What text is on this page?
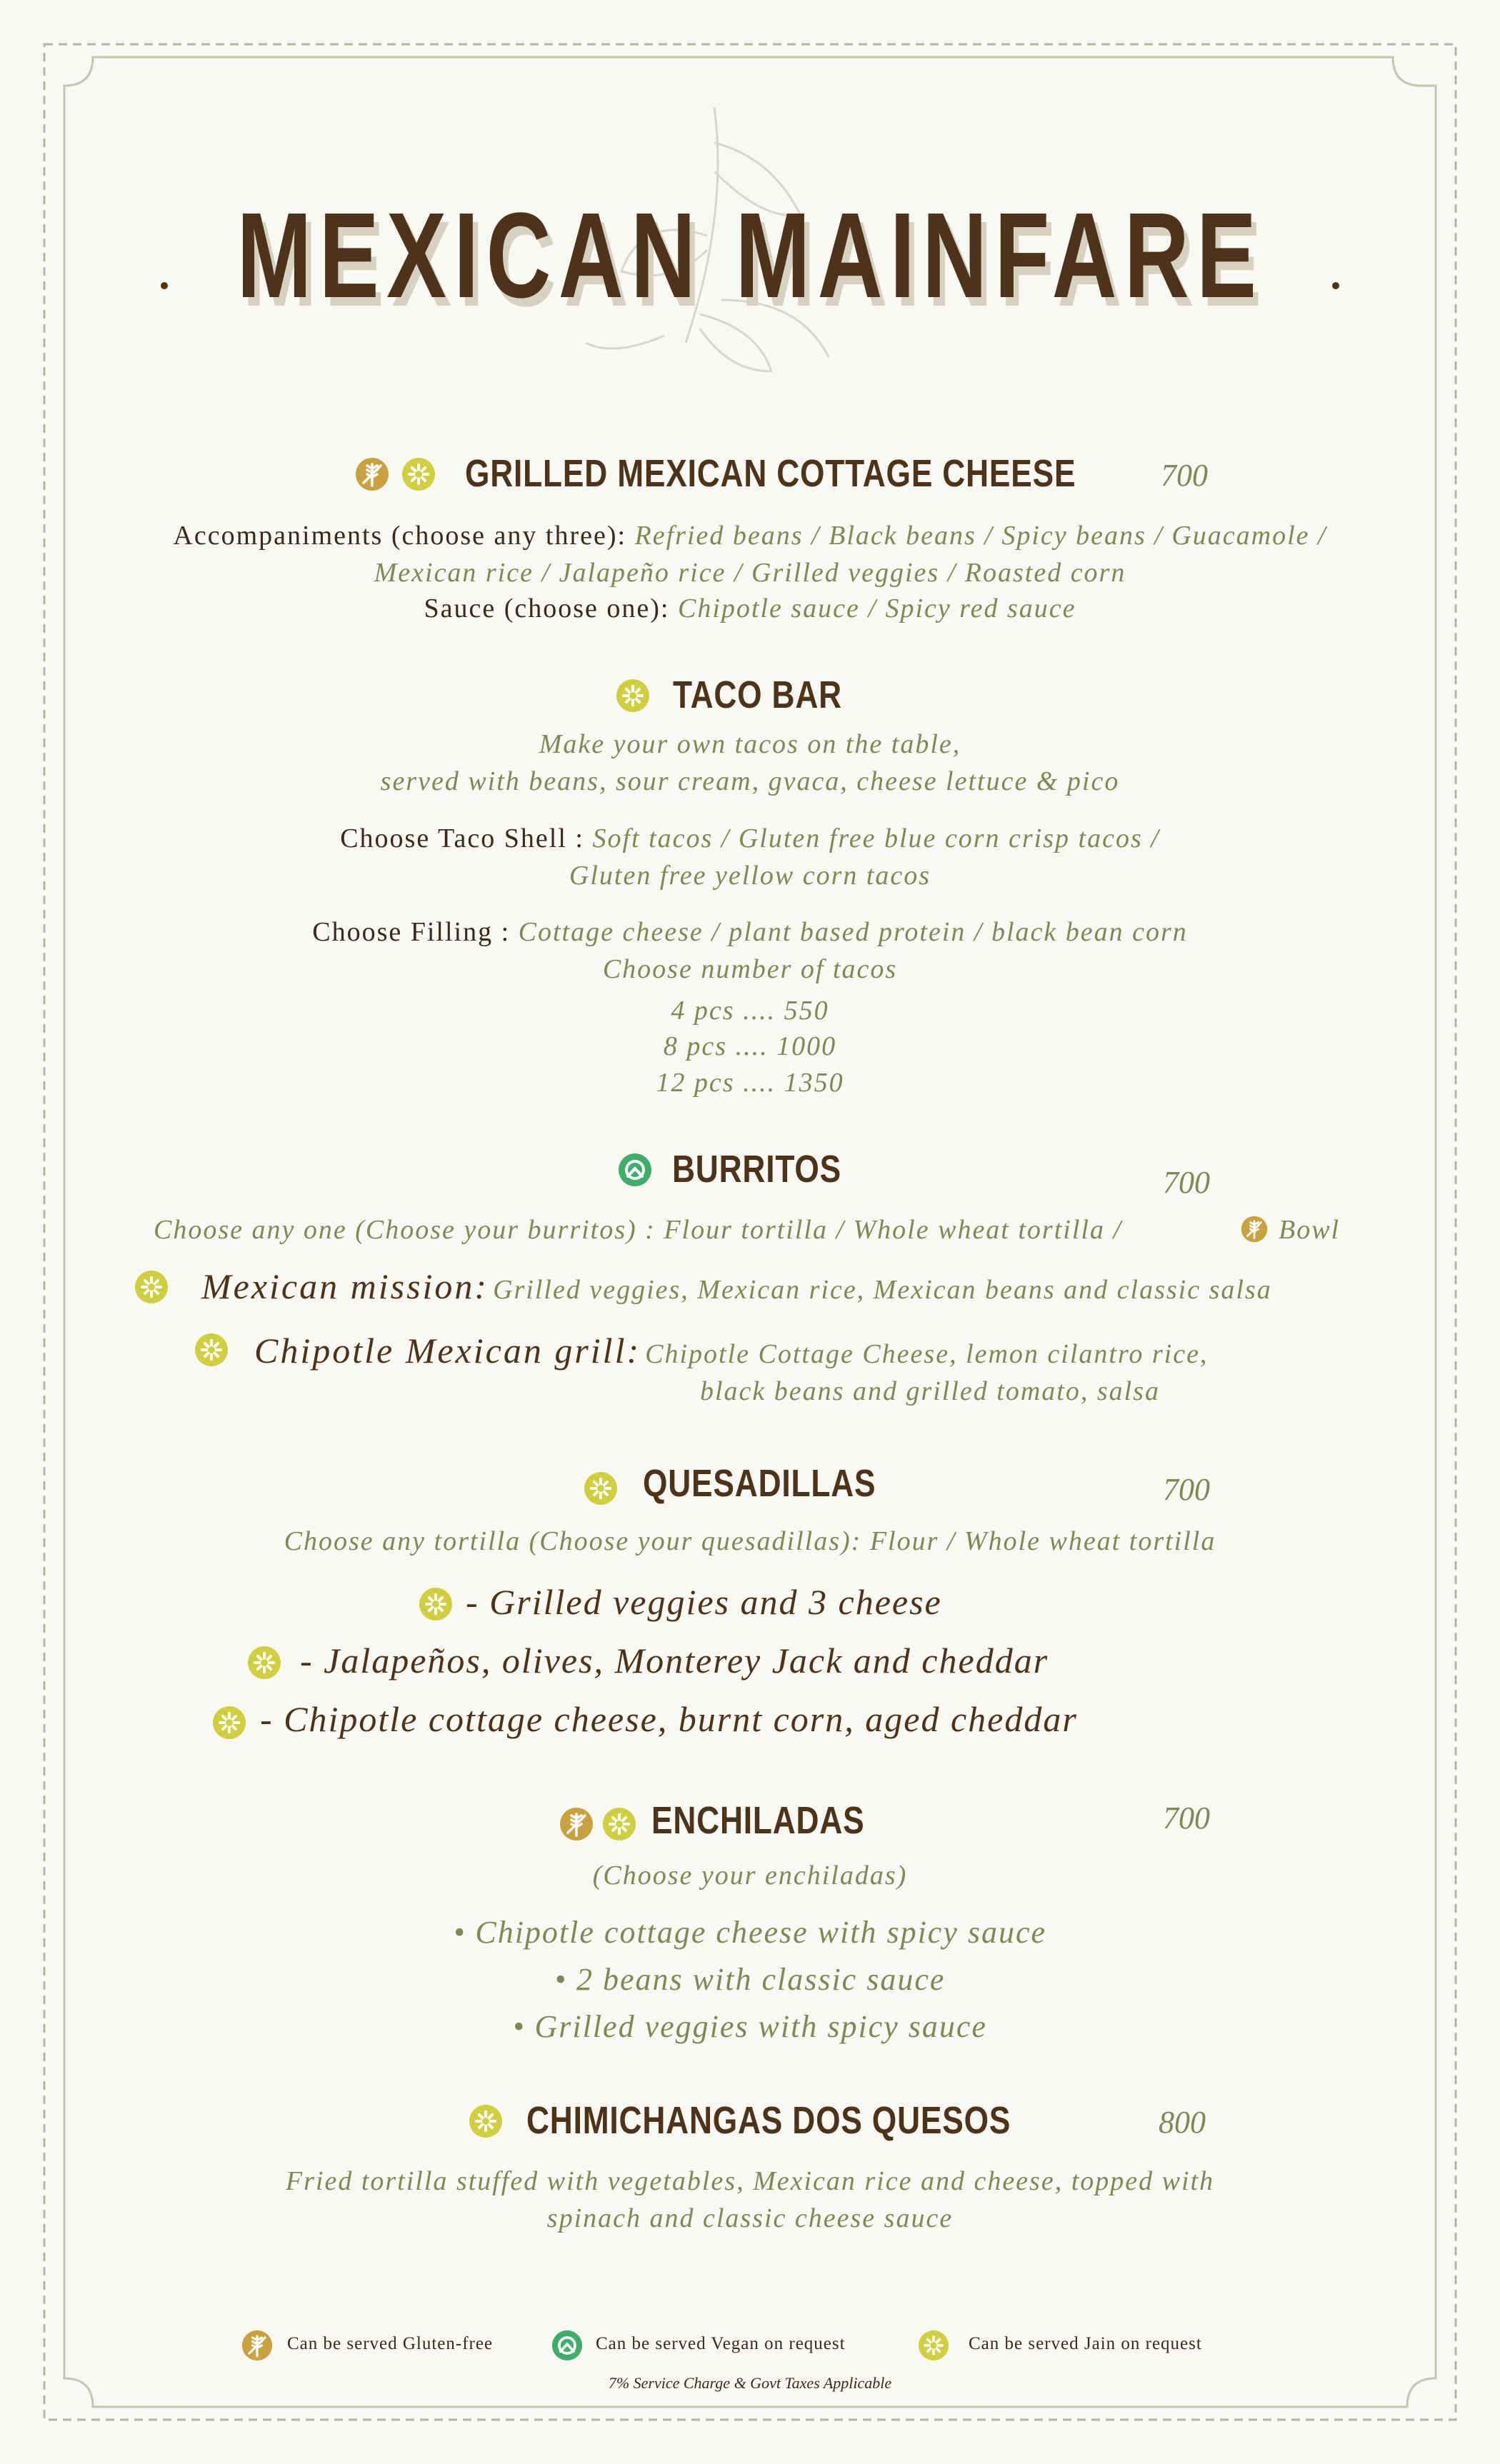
MEXICAN MAINFARE
GRILLED MEXICAN COTTAGE CHEESE	700
Accompaniments (choose any three): Refried beans / Black beans / Spicy beans / Guacamole /
Mexican rice / Jalapeño rice / Grilled veggies / Roasted corn
Sauce (choose one): Chipotle sauce / Spicy red sauce
TACO BAR
Make your own tacos on the table,
served with beans, sour cream, gvaca, cheese lettuce & pico
Choose Taco Shell : Soft tacos / Gluten free blue corn crisp tacos /
Gluten free yellow corn tacos
Choose Filling : Cottage cheese / plant based protein / black bean corn
Choose number of tacos
4 pcs .... 550
8 pcs .... 1000
12 pcs .... 1350
BURRITOS	700
Choose any one (Choose your burritos) : Flour tortilla / Whole wheat tortilla /	Bowl
Mexican mission: Grilled veggies, Mexican rice, Mexican beans and classic salsa
Chipotle Mexican grill: Chipotle Cottage Cheese, lemon cilantro rice,
black beans and grilled tomato, salsa
QUESADILLAS	700
Choose any tortilla (Choose your quesadillas): Flour / Whole wheat tortilla
- Grilled veggies and 3 cheese
- Jalapeños, olives, Monterey Jack and cheddar
- Chipotle cottage cheese, burnt corn, aged cheddar
ENCHILADAS	700
(Choose your enchiladas)
• Chipotle cottage cheese with spicy sauce
• 2 beans with classic sauce
• Grilled veggies with spicy sauce
CHIMICHANGAS DOS QUESOS	800
Fried tortilla stuffed with vegetables, Mexican rice and cheese, topped with
spinach and classic cheese sauce
Can be served Gluten-free	Can be served Vegan on request	Can be served Jain on request
7% Service Charge & Govt Taxes Applicable
